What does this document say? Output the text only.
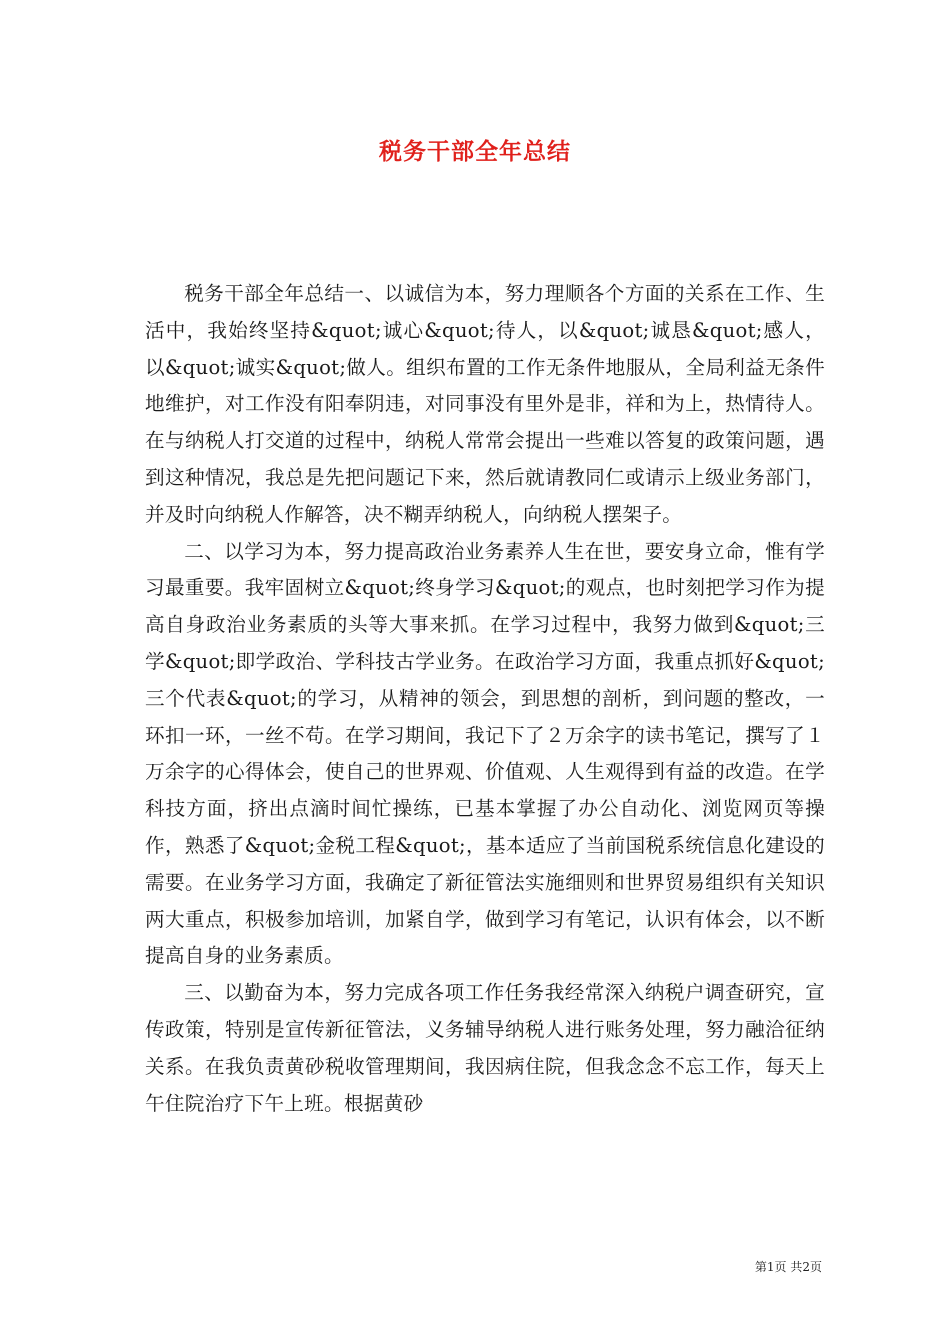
税务干部全年总结

税务干部全年总结一、以诚信为本，努力理顺各个方面的关系在工作、生活中，我始终坚持&quot;诚心&quot;待人，以&quot;诚恳&quot;感人，以&quot;诚实&quot;做人。组织布置的工作无条件地服从，全局利益无条件地维护，对工作没有阳奉阴违，对同事没有里外是非，祥和为上，热情待人。在与纳税人打交道的过程中，纳税人常常会提出一些难以答复的政策问题，遇到这种情况，我总是先把问题记下来，然后就请教同仁或请示上级业务部门，并及时向纳税人作解答，决不糊弄纳税人，向纳税人摆架子。

二、以学习为本，努力提高政治业务素养人生在世，要安身立命，惟有学习最重要。我牢固树立&quot;终身学习&quot;的观点，也时刻把学习作为提高自身政治业务素质的头等大事来抓。在学习过程中，我努力做到&quot;三学&quot;即学政治、学科技古学业务。在政治学习方面，我重点抓好&quot;三个代表&quot;的学习，从精神的领会，到思想的剖析，到问题的整改，一环扣一环，一丝不苟。在学习期间，我记下了２万余字的读书笔记，撰写了１万余字的心得体会，使自己的世界观、价值观、人生观得到有益的改造。在学科技方面，挤出点滴时间忙操练，已基本掌握了办公自动化、浏览网页等操作，熟悉了&quot;金税工程&quot;，基本适应了当前国税系统信息化建设的需要。在业务学习方面，我确定了新征管法实施细则和世界贸易组织有关知识两大重点，积极参加培训，加紧自学，做到学习有笔记，认识有体会，以不断提高自身的业务素质。

三、以勤奋为本，努力完成各项工作任务我经常深入纳税户调查研究，宣传政策，特别是宣传新征管法，义务辅导纳税人进行账务处理，努力融洽征纳关系。在我负责黄砂税收管理期间，我因病住院，但我念念不忘工作，每天上午住院治疗下午上班。根据黄砂

第1页 共2页
